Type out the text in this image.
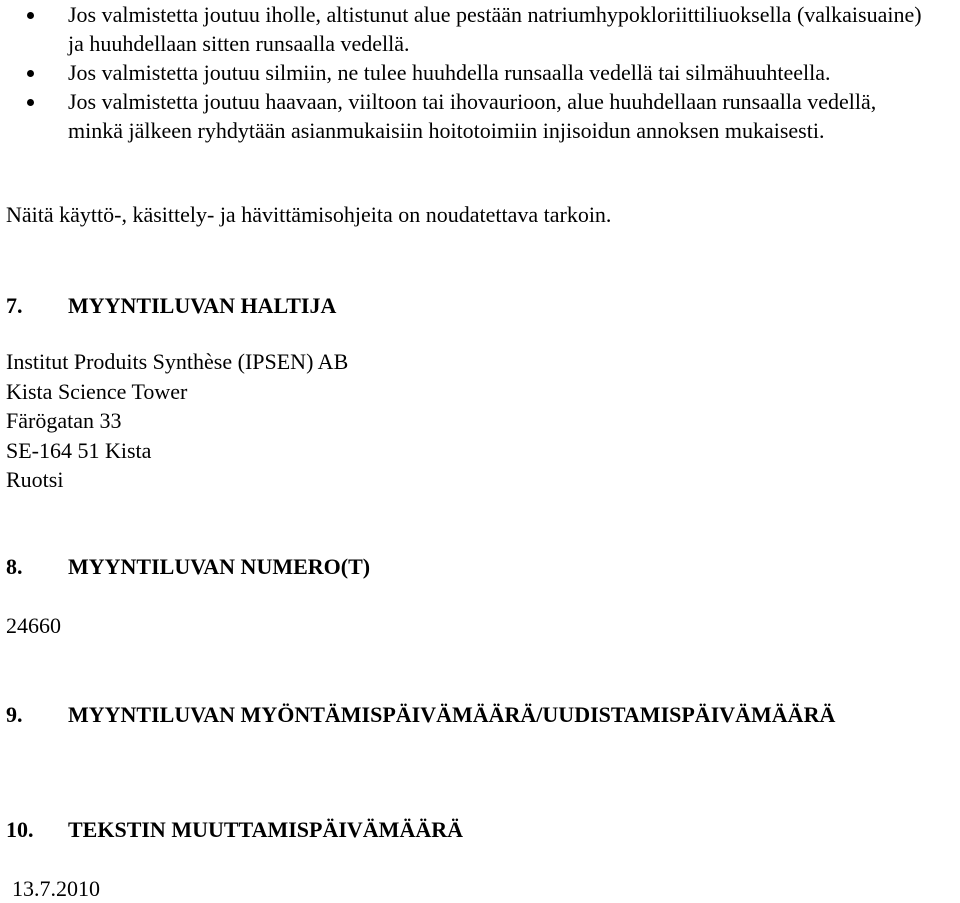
Jos valmistetta joutuu iholle, altistunut alue pestään natriumhypokloriittiliuoksella (valkaisuaine) ja huuhdellaan sitten runsaalla vedellä.

Jos valmistetta joutuu silmiin, ne tulee huuhdella runsaalla vedellä tai silmähuuhteella.

Jos valmistetta joutuu haavaan, viiltoon tai ihovaurioon, alue huuhdellaan runsaalla vedellä, minkä jälkeen ryhdytään asianmukaisiin hoitotoimiin injisoidun annoksen mukaisesti.

Näitä käyttö-, käsittely- ja hävittämisohjeita on noudatettava tarkoin.
7. MYYNTILUVAN HALTIJA
Institut Produits Synthèse (IPSEN) AB
Kista Science Tower
Färögatan 33
SE-164 51 Kista
Ruotsi
8. MYYNTILUVAN NUMERO(T)
24660
9. MYYNTILUVAN MYÖNTÄMISPÄIVÄMÄÄRÄ/UUDISTAMISPÄIVÄMÄÄRÄ
10. TEKSTIN MUUTTAMISPÄIVÄMÄÄRÄ
13.7.2010
